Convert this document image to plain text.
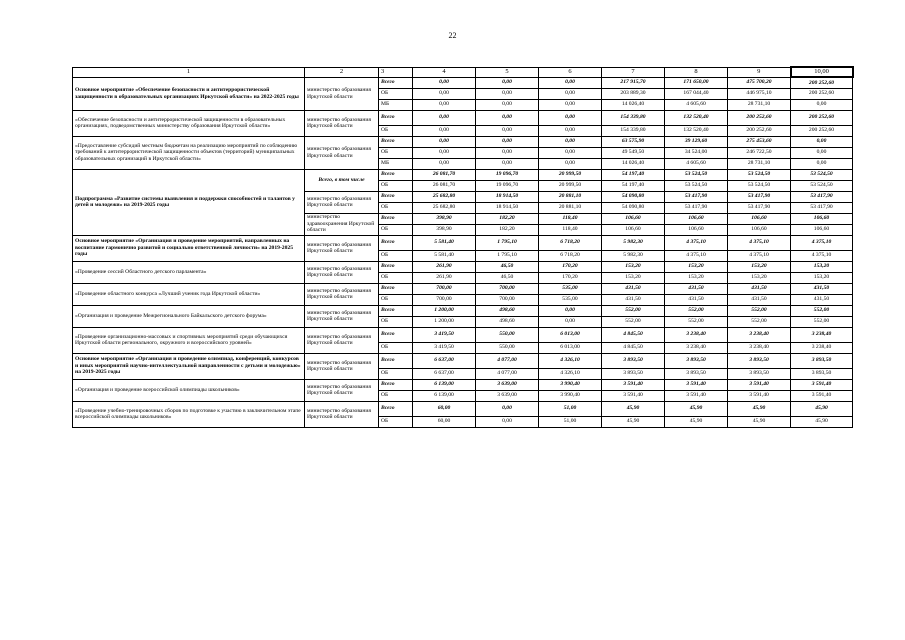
22
1	2	3	4	5	6	7	8	9	10,00
Основное мероприятие «Обеспечение безопасности и антитеррористической защищенности в образовательных организациях Иркутской области» на 2022-2025 годы	министерство образования Иркутской области	Всего	0,00	0,00	0,00	217 915,70	171 650,00	475 700,20	200 252,60
		ОБ	0,00	0,00	0,00	203 889,30	167 044,40	446 975,10	200 252,60
		МБ	0,00	0,00	0,00	14 026,40	4 605,60	28 731,10	0,00
«Обеспечение безопасности и антитеррористической защищенности в образовательных организациях, подведомственных министерству образования Иркутской области»	министерство образования Иркутской области	Всего	0,00	0,00	0,00	154 339,80	132 520,40	200 252,60	200 252,60
		ОБ	0,00	0,00	0,00	154 339,80	132 520,40	200 252,60	200 252,60
«Предоставление субсидий местным бюджетам на реализацию мероприятий по соблюдению требований к антитеррористической защищенности объектов (территорий) муниципальных образовательных организаций в Иркутской области»	министерство образования Иркутской области	Всего	0,00	0,00	0,00	63 575,90	39 129,60	275 453,60	0,00
		ОБ	0,00	0,00	0,00	49 549,50	34 524,00	246 722,50	0,00
		МБ	0,00	0,00	0,00	14 026,40	4 605,60	28 731,10	0,00
Подпрограмма «Развитие системы выявления и поддержки способностей и талантов у детей и молодежи» на 2019-2025 годы	Всего, в том числе	Всего	26 081,70	19 096,70	20 999,50	54 197,40	53 524,50	53 524,50	53 524,50
		ОБ	26 081,70	19 096,70	20 999,50	54 197,40	53 524,50	53 524,50	53 524,50
	министерство образования Иркутской области	Всего	25 682,80	18 914,50	20 881,10	54 090,80	53 417,90	53 417,90	53 417,90
		ОБ	25 682,80	18 914,50	20 881,10	54 090,80	53 417,90	53 417,90	53 417,90
	министерство здравоохранения Иркутской области	Всего	398,90	182,20	118,40	106,60	106,60	106,60	106,60
		ОБ	398,90	182,20	118,40	106,60	106,60	106,60	106,60
Основное мероприятие «Организация и проведение мероприятий, направленных на воспитание гармонично развитой и социально ответственной личности» на 2019-2025 годы	министерство образования Иркутской области	Всего	5 581,40	1 795,10	6 718,20	5 982,30	4 375,10	4 375,10	4 375,10
		ОБ	5 581,40	1 795,10	6 718,20	5 982,30	4 375,10	4 375,10	4 375,10
«Проведение сессий Областного детского парламента»	министерство образования Иркутской области	Всего	261,90	46,50	170,20	153,20	153,20	153,20	153,20
		ОБ	261,90	46,50	170,20	153,20	153,20	153,20	153,20
«Проведение областного конкурса «Лучший ученик года Иркутской области»	министерство образования Иркутской области	Всего	700,00	700,00	535,00	431,50	431,50	431,50	431,50
		ОБ	700,00	700,00	535,00	431,50	431,50	431,50	431,50
«Организация и проведение Межрегионального Байкальского детского форума»	министерство образования Иркутской области	Всего	1 200,00	498,60	0,00	552,00	552,00	552,00	552,00
		ОБ	1 200,00	498,60	0,00	552,00	552,00	552,00	552,00
«Проведение организационно-массовых и спортивных мероприятий среди обучающихся Иркутской области регионального, окружного и всероссийского уровней»	министерство образования Иркутской области	Всего	3 419,50	550,00	6 013,00	4 845,50	3 238,40	3 238,40	3 238,40
		ОБ	3 419,50	550,00	6 013,00	4 845,50	3 238,40	3 238,40	3 238,40
Основное мероприятие «Организация и проведение олимпиад, конференций, конкурсов и иных мероприятий научно-интеллектуальной направленности с детьми и молодежью» на 2019-2025 годы	министерство образования Иркутской области	Всего	6 637,00	4 077,00	4 326,10	3 893,50	3 893,50	3 893,50	3 893,50
		ОБ	6 637,00	4 077,00	4 326,10	3 893,50	3 893,50	3 893,50	3 893,50
«Организация и проведение всероссийской олимпиады школьников»	министерство образования Иркутской области	Всего	6 139,00	3 639,00	3 990,40	3 591,40	3 591,40	3 591,40	3 591,40
		ОБ	6 139,00	3 639,00	3 990,40	3 591,40	3 591,40	3 591,40	3 591,40
«Проведение учебно-тренировочных сборов по подготовке к участию в заключительном этапе всероссийской олимпиады школьников»	министерство образования Иркутской области	Всего	60,00	0,00	51,00	45,90	45,90	45,90	45,90
		ОБ	60,00	0,00	51,00	45,90	45,90	45,90	45,90
